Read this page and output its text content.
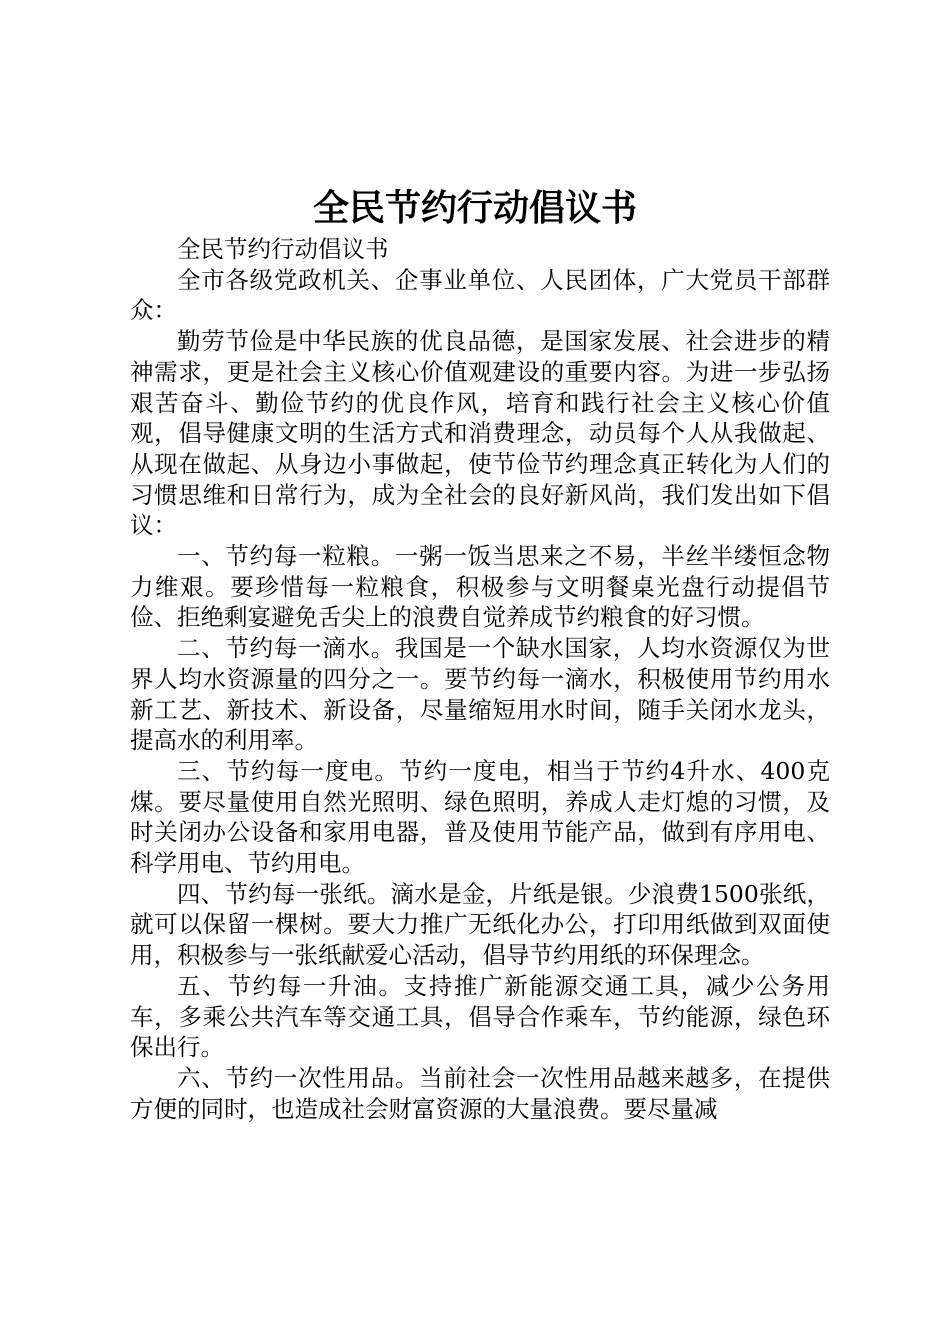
全民节约行动倡议书

全民节约行动倡议书

全市各级党政机关、企事业单位、人民团体，广大党员干部群众：

勤劳节俭是中华民族的优良品德，是国家发展、社会进步的精神需求，更是社会主义核心价值观建设的重要内容。为进一步弘扬艰苦奋斗、勤俭节约的优良作风，培育和践行社会主义核心价值观，倡导健康文明的生活方式和消费理念，动员每个人从我做起、从现在做起、从身边小事做起，使节俭节约理念真正转化为人们的习惯思维和日常行为，成为全社会的良好新风尚，我们发出如下倡议：

一、节约每一粒粮。一粥一饭当思来之不易，半丝半缕恒念物力维艰。要珍惜每一粒粮食，积极参与文明餐桌光盘行动提倡节俭、拒绝剩宴避免舌尖上的浪费自觉养成节约粮食的好习惯。

二、节约每一滴水。我国是一个缺水国家，人均水资源仅为世界人均水资源量的四分之一。要节约每一滴水，积极使用节约用水新工艺、新技术、新设备，尽量缩短用水时间，随手关闭水龙头，提高水的利用率。

三、节约每一度电。节约一度电，相当于节约4升水、400克煤。要尽量使用自然光照明、绿色照明，养成人走灯熄的习惯，及时关闭办公设备和家用电器，普及使用节能产品，做到有序用电、科学用电、节约用电。

四、节约每一张纸。滴水是金，片纸是银。少浪费1500张纸，就可以保留一棵树。要大力推广无纸化办公，打印用纸做到双面使用，积极参与一张纸献爱心活动，倡导节约用纸的环保理念。

五、节约每一升油。支持推广新能源交通工具，减少公务用车，多乘公共汽车等交通工具，倡导合作乘车，节约能源，绿色环保出行。

六、节约一次性用品。当前社会一次性用品越来越多，在提供方便的同时，也造成社会财富资源的大量浪费。要尽量减
